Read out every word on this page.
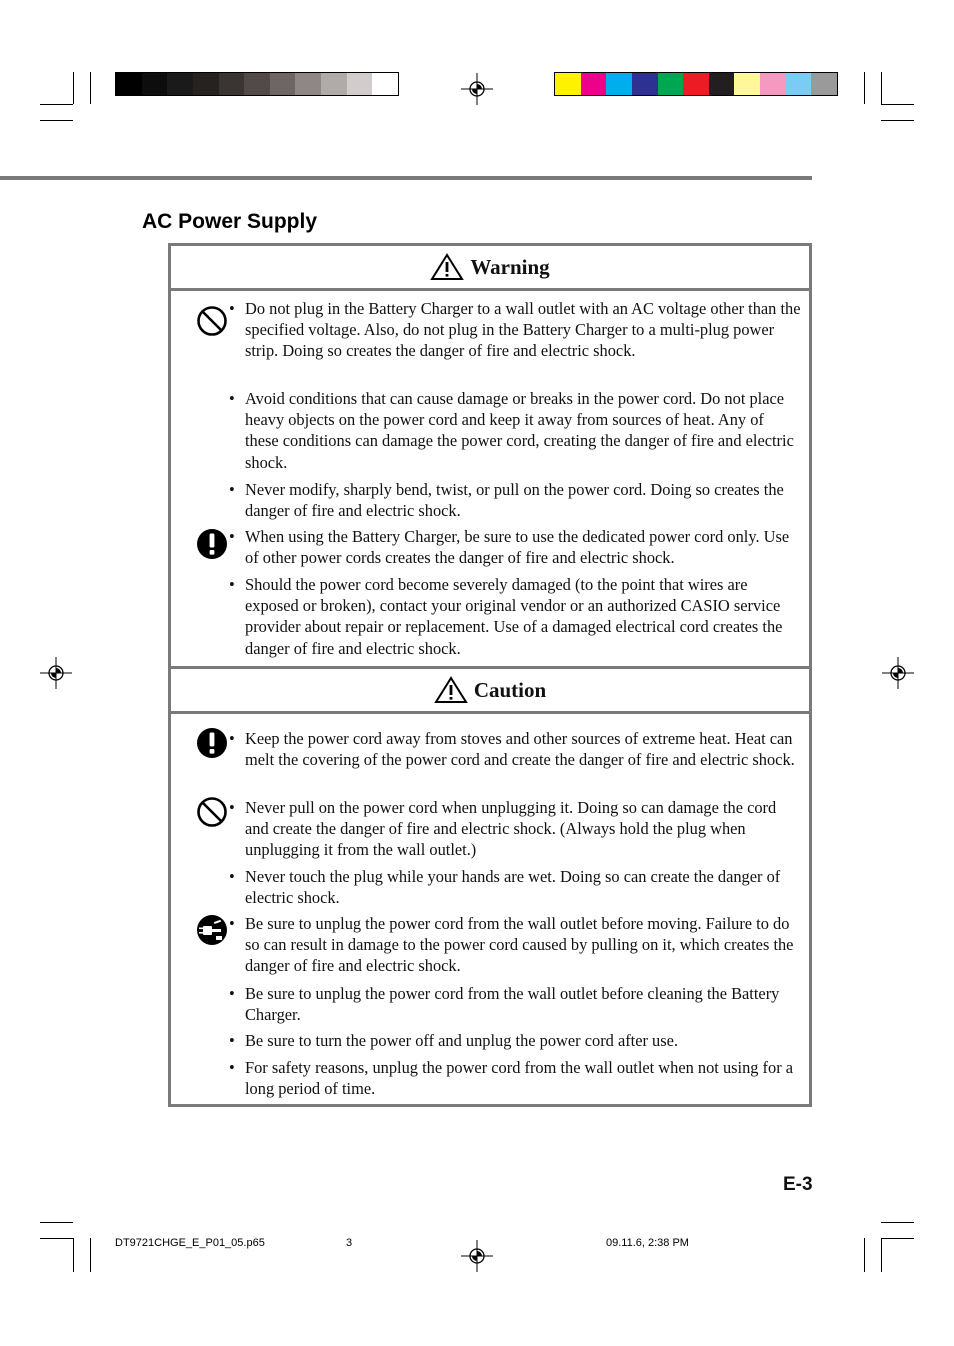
AC Power Supply
Warning
• Do not plug in the Battery Charger to a wall outlet with an AC voltage other than the specified voltage. Also, do not plug in the Battery Charger to a multi-plug power strip. Doing so creates the danger of fire and electric shock.
• Avoid conditions that can cause damage or breaks in the power cord. Do not place heavy objects on the power cord and keep it away from sources of heat. Any of these conditions can damage the power cord, creating the danger of fire and electric shock.
• Never modify, sharply bend, twist, or pull on the power cord. Doing so creates the danger of fire and electric shock.
• When using the Battery Charger, be sure to use the dedicated power cord only. Use of other power cords creates the danger of fire and electric shock.
• Should the power cord become severely damaged (to the point that wires are exposed or broken), contact your original vendor or an authorized CASIO service provider about repair or replacement. Use of a damaged electrical cord creates the danger of fire and electric shock.
Caution
• Keep the power cord away from stoves and other sources of extreme heat. Heat can melt the covering of the power cord and create the danger of fire and electric shock.
• Never pull on the power cord when unplugging it. Doing so can damage the cord and create the danger of fire and electric shock. (Always hold the plug when unplugging it from the wall outlet.)
• Never touch the plug while your hands are wet. Doing so can create the danger of electric shock.
• Be sure to unplug the power cord from the wall outlet before moving. Failure to do so can result in damage to the power cord caused by pulling on it, which creates the danger of fire and electric shock.
• Be sure to unplug the power cord from the wall outlet before cleaning the Battery Charger.
• Be sure to turn the power off and unplug the power cord after use.
• For safety reasons, unplug the power cord from the wall outlet when not using for a long period of time.
E-3
DT9721CHGE_E_P01_05.p65	3	09.11.6, 2:38 PM
